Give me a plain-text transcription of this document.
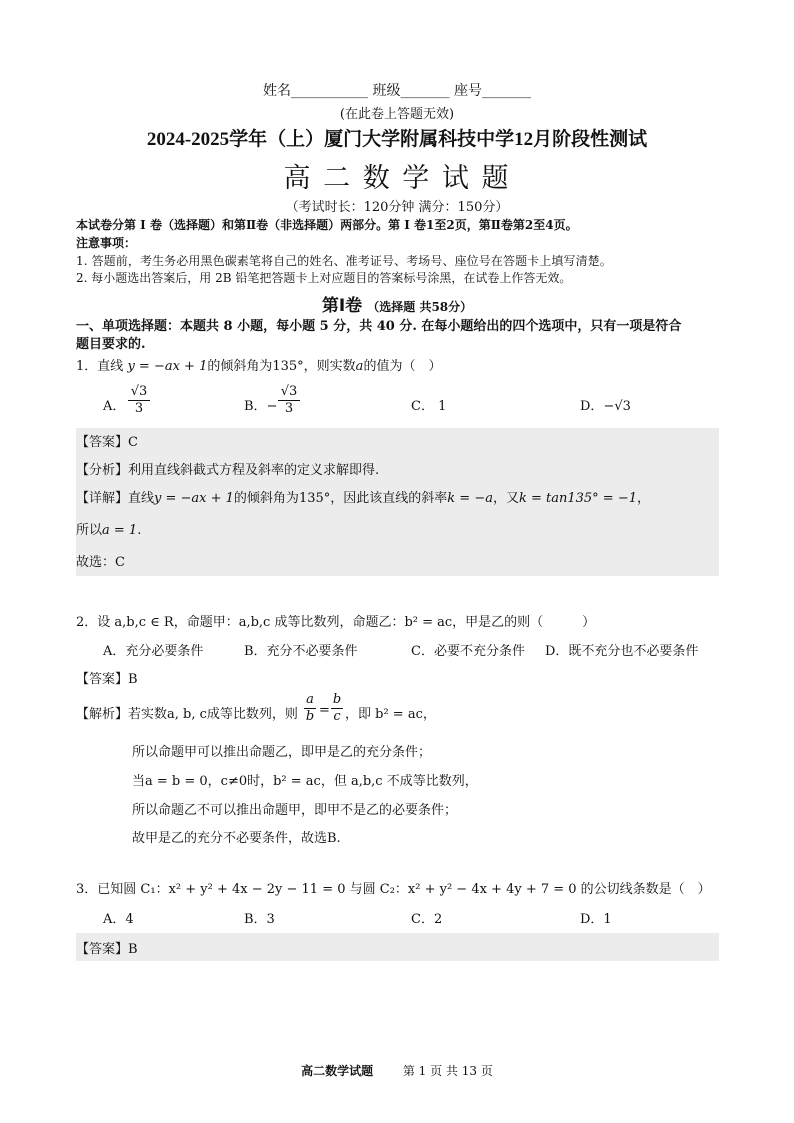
姓名___________ 班级_______ 座号_______
(在此卷上答题无效)
2024-2025学年（上）厦门大学附属科技中学12月阶段性测试
高 二 数 学 试 题
（考试时长：120分钟 满分：150分）
本试卷分第 I 卷（选择题）和第Ⅱ卷（非选择题）两部分。第 I 卷1至2页，第Ⅱ卷第2至4页。
注意事项：
1. 答题前，考生务必用黑色碳素笔将自己的姓名、准考证号、考场号、座位号在答题卡上填写清楚。
2. 每小题选出答案后，用 2B 铅笔把答题卡上对应题目的答案标号涂黑，在试卷上作答无效。
第Ⅰ卷 （选择题 共58分）
一、单项选择题：本题共 8 小题，每小题 5 分，共 40 分. 在每小题给出的四个选项中，只有一项是符合
题目要求的.
1．直线 y = −ax + 1的倾斜角为135°，则实数a的值为（　）
A．
√3
3	B．−
√3
3	C． 1	D．−√3
【答案】C
【分析】利用直线斜截式方程及斜率的定义求解即得.
【详解】直线y = −ax + 1的倾斜角为135°，因此该直线的斜率k = −a，又k = tan135° = −1，
所以a = 1.
故选：C
2．设 a,b,c ∈ R，命题甲：a,b,c 成等比数列，命题乙：b² = ac，甲是乙的则（　　　）
A．充分必要条件	B．充分不必要条件	C．必要不充分条件 D．既不充分也不必要条件
【答案】B
【解析】若实数a, b, c成等比数列，则
a
b =
b
c ，即 b² = ac，
所以命题甲可以推出命题乙，即甲是乙的充分条件；
当a = b = 0，c≠0时，b² = ac，但 a,b,c 不成等比数列，
所以命题乙不可以推出命题甲，即甲不是乙的必要条件；
故甲是乙的充分不必要条件，故选B.
3．已知圆 C₁：x² + y² + 4x − 2y − 11 = 0 与圆 C₂：x² + y² − 4x + 4y + 7 = 0 的公切线条数是（　）
A．4	B．3	C．2	D．1
【答案】B
高二数学试题 第 1 页 共 13 页
